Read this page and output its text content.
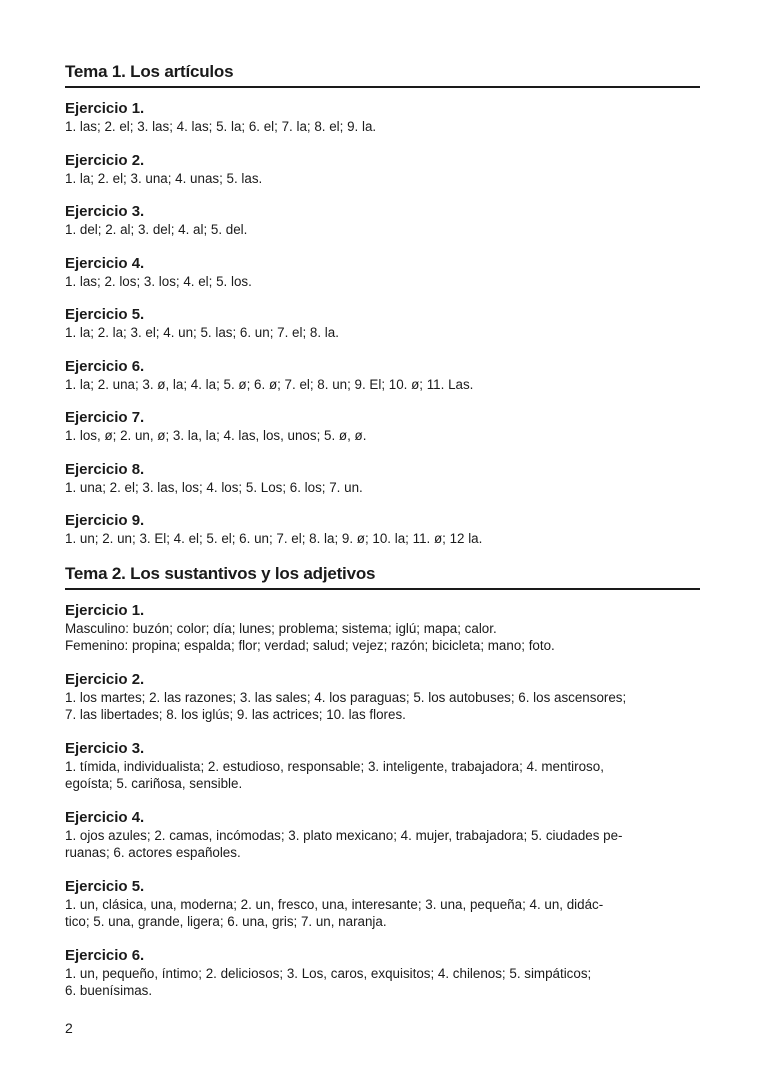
Tema 1. Los artículos
Ejercicio 1.
1. las; 2. el; 3. las; 4. las; 5. la; 6. el; 7. la; 8. el; 9. la.
Ejercicio 2.
1. la; 2. el; 3. una; 4. unas; 5. las.
Ejercicio 3.
1. del; 2. al; 3. del; 4. al; 5. del.
Ejercicio 4.
1. las; 2. los; 3. los; 4. el; 5. los.
Ejercicio 5.
1. la; 2. la; 3. el; 4. un; 5. las; 6. un; 7. el; 8. la.
Ejercicio 6.
1. la; 2. una; 3. ø, la; 4. la; 5. ø; 6. ø; 7. el; 8. un; 9. El; 10. ø; 11. Las.
Ejercicio 7.
1. los, ø; 2. un, ø; 3. la, la; 4. las, los, unos; 5. ø, ø.
Ejercicio 8.
1. una; 2. el; 3. las, los; 4. los; 5. Los; 6. los; 7. un.
Ejercicio 9.
1. un; 2. un; 3. El; 4. el; 5. el; 6. un; 7. el; 8. la; 9. ø; 10. la; 11. ø; 12 la.
Tema 2. Los sustantivos y los adjetivos
Ejercicio 1.
Masculino: buzón; color; día; lunes; problema; sistema; iglú; mapa; calor.
Femenino: propina; espalda; flor; verdad; salud; vejez; razón; bicicleta; mano; foto.
Ejercicio 2.
1. los martes; 2. las razones; 3. las sales; 4. los paraguas; 5. los autobuses; 6. los ascensores;
7. las libertades; 8. los iglús; 9. las actrices; 10. las flores.
Ejercicio 3.
1. tímida, individualista; 2. estudioso, responsable; 3. inteligente, trabajadora; 4. mentiroso,
egoísta; 5. cariñosa, sensible.
Ejercicio 4.
1. ojos azules; 2. camas, incómodas; 3. plato mexicano; 4. mujer, trabajadora; 5. ciudades pe-
ruanas; 6. actores españoles.
Ejercicio 5.
1. un, clásica, una, moderna; 2. un, fresco, una, interesante; 3. una, pequeña; 4. un, didác-
tico; 5. una, grande, ligera; 6. una, gris; 7. un, naranja.
Ejercicio 6.
1. un, pequeño, íntimo; 2. deliciosos; 3. Los, caros, exquisitos; 4. chilenos; 5. simpáticos;
6. buenísimas.
2
